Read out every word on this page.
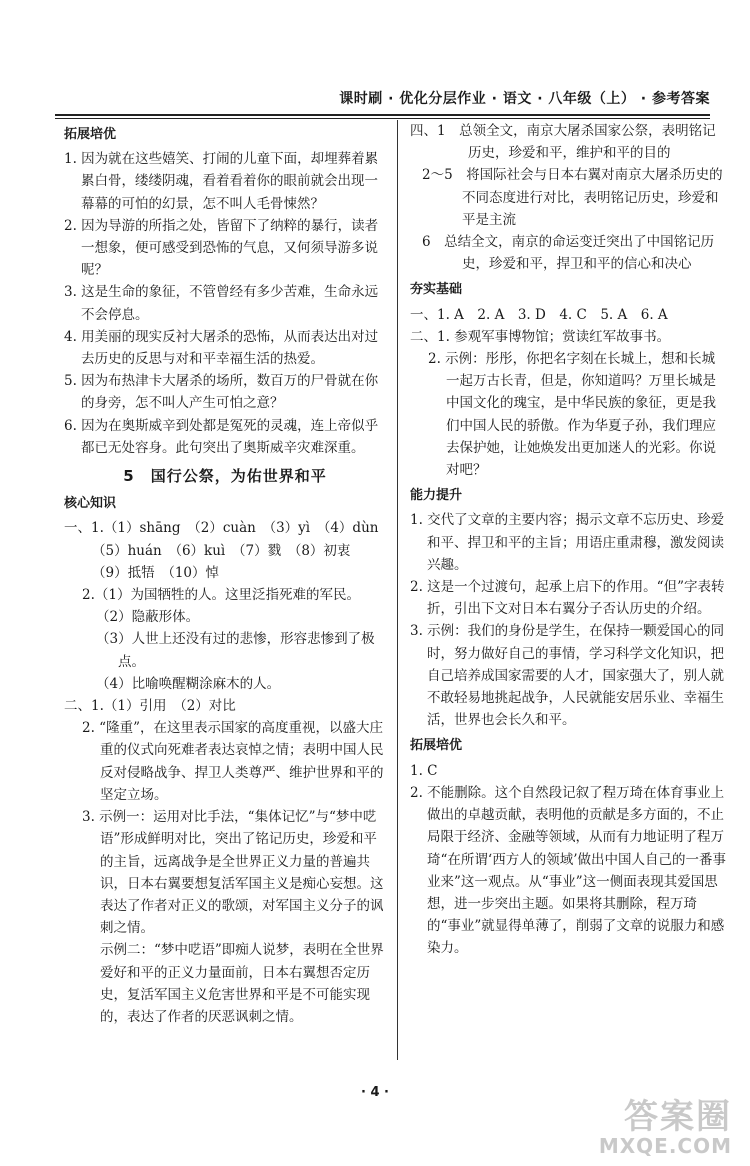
课时刷 · 优化分层作业 · 语文 · 八年级（上） · 参考答案
拓展培优

1. 因为就在这些嬉笑、打闹的儿童下面，却埋葬着累累白骨，缕缕阴魂，看着看着你的眼前就会出现一幕幕的可怕的幻景，怎不叫人毛骨悚然？

2. 因为导游的所指之处，皆留下了纳粹的暴行，读者一想象，便可感受到恐怖的气息，又何须导游多说呢？

3. 这是生命的象征，不管曾经有多少苦难，生命永远不会停息。

4. 用美丽的现实反衬大屠杀的恐怖，从而表达出对过去历史的反思与对和平幸福生活的热爱。

5. 因为布热津卡大屠杀的场所，数百万的尸骨就在你的身旁，怎不叫人产生可怕之意？

6. 因为在奥斯威辛到处都是冤死的灵魂，连上帝似乎都已无处容身。此句突出了奥斯威辛灾难深重。

5　国行公祭，为佑世界和平
核心知识

一、1.（1）shāng　（2）cuàn　（3）yì　（4）dùn

（5）huán　（6）kuì　（7）戮　（8）初衷

（9）抵牾　（10）悼

2.（1）为国牺牲的人。这里泛指死难的军民。

（2）隐蔽形体。

（3）人世上还没有过的悲惨，形容悲惨到了极点。

（4）比喻唤醒糊涂麻木的人。

二、1.（1）引用　（2）对比

2. “隆重”，在这里表示国家的高度重视，以盛大庄重的仪式向死难者表达哀悼之情；表明中国人民反对侵略战争、捍卫人类尊严、维护世界和平的坚定立场。

3. 示例一：运用对比手法，“集体记忆”与“梦中呓语”形成鲜明对比，突出了铭记历史，珍爱和平的主旨，远离战争是全世界正义力量的普遍共识，日本右翼要想复活军国主义是痴心妄想。这表达了作者对正义的歌颂，对军国主义分子的讽刺之情。

示例二：“梦中呓语”即痴人说梦，表明在全世界爱好和平的正义力量面前，日本右翼想否定历史，复活军国主义危害世界和平是不可能实现的，表达了作者的厌恶讽刺之情。

四、1　总领全文，南京大屠杀国家公祭，表明铭记历史，珍爱和平，维护和平的目的

2～5　将国际社会与日本右翼对南京大屠杀历史的不同态度进行对比，表明铭记历史，珍爱和平是主流

6　总结全文，南京的命运变迁突出了中国铭记历史，珍爱和平，捍卫和平的信心和决心

夯实基础

一、1. A　2. A　3. D　4. C　5. A　6. A

二、1. 参观军事博物馆；赏读红军故事书。

2. 示例：彤彤，你把名字刻在长城上，想和长城一起万古长青，但是，你知道吗？万里长城是中国文化的瑰宝，是中华民族的象征，更是我们中国人民的骄傲。作为华夏子孙，我们理应去保护她，让她焕发出更加迷人的光彩。你说对吧？

能力提升

1. 交代了文章的主要内容；揭示文章不忘历史、珍爱和平、捍卫和平的主旨；用语庄重肃穆，激发阅读兴趣。

2. 这是一个过渡句，起承上启下的作用。“但”字表转折，引出下文对日本右翼分子否认历史的介绍。

3. 示例：我们的身份是学生，在保持一颗爱国心的同时，努力做好自己的事情，学习科学文化知识，把自己培养成国家需要的人才，国家强大了，别人就不敢轻易地挑起战争，人民就能安居乐业、幸福生活，世界也会长久和平。

拓展培优

1. C

2. 不能删除。这个自然段记叙了程万琦在体育事业上做出的卓越贡献，表明他的贡献是多方面的，不止局限于经济、金融等领域，从而有力地证明了程万琦“在所谓‘西方人的领域’做出中国人自己的一番事业来”这一观点。从“事业”这一侧面表现其爱国思想，进一步突出主题。如果将其删除，程万琦的“事业”就显得单薄了，削弱了文章的说服力和感染力。

· 4 ·
答案圈
MXQE.COM
